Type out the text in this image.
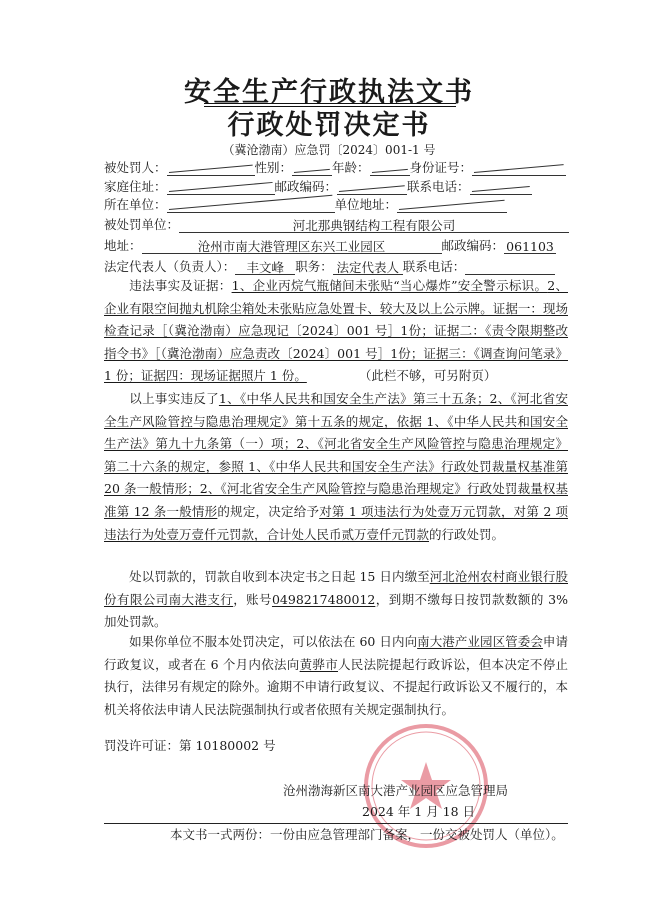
安全生产行政执法文书
行政处罚决定书
（冀沧渤南）应急罚〔2024〕001-1 号
被处罚人：	性别：	年龄：	身份证号：
家庭住址：	邮政编码：	联系电话：
所在单位：	单位地址：
被处罚单位：	河北那典钢结构工程有限公司
地址：	沧州市南大港管理区东兴工业园区	邮政编码： 061103
法定代表人（负责人）： 丰文峰 职务： 法定代表人 联系电话：
违法事实及证据：1、企业丙烷气瓶储间未张贴“当心爆炸”安全警示标识。2、企业有限空间抛丸机除尘箱处未张贴应急处置卡、较大及以上公示牌。证据一：现场检查记录［（冀沧渤南）应急现记〔2024〕001 号］1份；证据二：《责令限期整改指令书》［（冀沧渤南）应急责改〔2024〕001 号］1份；证据三：《调查询问笔录》1 份；证据四：现场证据照片 1 份。	（此栏不够，可另附页）
以上事实违反了1、《中华人民共和国安全生产法》第三十五条；2、《河北省安全生产风险管控与隐患治理规定》第十五条的规定，依据 1、《中华人民共和国安全生产法》第九十九条第（一）项；2、《河北省安全生产风险管控与隐患治理规定》第二十六条的规定，参照 1、《中华人民共和国安全生产法》行政处罚裁量权基准第 20 条一般情形；2、《河北省安全生产风险管控与隐患治理规定》行政处罚裁量权基准第 12 条一般情形的规定，决定给予对第 1 项违法行为处壹万元罚款，对第 2 项违法行为处壹万壹仟元罚款，合计处人民币贰万壹仟元罚款的行政处罚。
处以罚款的，罚款自收到本决定书之日起 15 日内缴至河北沧州农村商业银行股份有限公司南大港支行，账号0498217480012，到期不缴每日按罚款数额的 3%加处罚款。
如果你单位不服本处罚决定，可以依法在 60 日内向南大港产业园区管委会申请行政复议，或者在 6 个月内依法向黄骅市人民法院提起行政诉讼，但本决定不停止执行，法律另有规定的除外。逾期不申请行政复议、不提起行政诉讼又不履行的，本机关将依法申请人民法院强制执行或者依照有关规定强制执行。
罚没许可证：第 10180002 号
沧州渤海新区南大港产业园区应急管理局
2024 年 1 月 18 日
本文书一式两份：一份由应急管理部门备案，一份交被处罚人（单位）。
